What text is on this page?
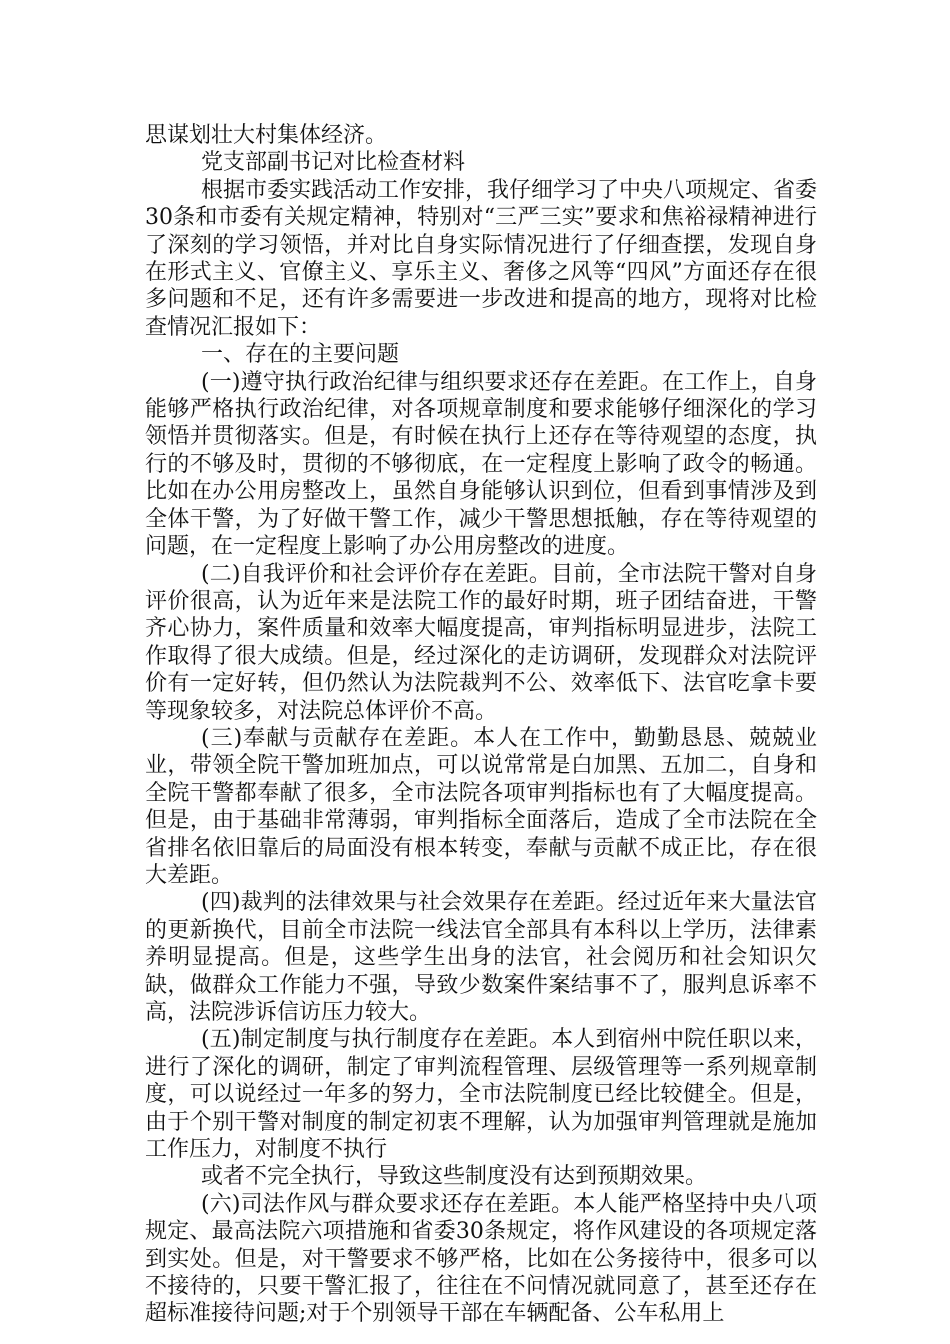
思谋划壮大村集体经济。

党支部副书记对比检查材料

根据市委实践活动工作安排，我仔细学习了中央八项规定、省委30条和市委有关规定精神，特别对“三严三实”要求和焦裕禄精神进行了深刻的学习领悟，并对比自身实际情况进行了仔细查摆，发现自身在形式主义、官僚主义、享乐主义、奢侈之风等“四风”方面还存在很多问题和不足，还有许多需要进一步改进和提高的地方，现将对比检查情况汇报如下：

一、存在的主要问题

(一)遵守执行政治纪律与组织要求还存在差距。在工作上，自身能够严格执行政治纪律，对各项规章制度和要求能够仔细深化的学习领悟并贯彻落实。但是，有时候在执行上还存在等待观望的态度，执行的不够及时，贯彻的不够彻底，在一定程度上影响了政令的畅通。比如在办公用房整改上，虽然自身能够认识到位，但看到事情涉及到全体干警，为了好做干警工作，减少干警思想抵触，存在等待观望的问题，在一定程度上影响了办公用房整改的进度。

(二)自我评价和社会评价存在差距。目前，全市法院干警对自身评价很高，认为近年来是法院工作的最好时期，班子团结奋进，干警齐心协力，案件质量和效率大幅度提高，审判指标明显进步，法院工作取得了很大成绩。但是，经过深化的走访调研，发现群众对法院评价有一定好转，但仍然认为法院裁判不公、效率低下、法官吃拿卡要等现象较多，对法院总体评价不高。

(三)奉献与贡献存在差距。本人在工作中，勤勤恳恳、兢兢业业，带领全院干警加班加点，可以说常常是白加黑、五加二，自身和全院干警都奉献了很多，全市法院各项审判指标也有了大幅度提高。但是，由于基础非常薄弱，审判指标全面落后，造成了全市法院在全省排名依旧靠后的局面没有根本转变，奉献与贡献不成正比，存在很大差距。

(四)裁判的法律效果与社会效果存在差距。经过近年来大量法官的更新换代，目前全市法院一线法官全部具有本科以上学历，法律素养明显提高。但是，这些学生出身的法官，社会阅历和社会知识欠缺，做群众工作能力不强，导致少数案件案结事不了，服判息诉率不高，法院涉诉信访压力较大。

(五)制定制度与执行制度存在差距。本人到宿州中院任职以来，进行了深化的调研，制定了审判流程管理、层级管理等一系列规章制度，可以说经过一年多的努力，全市法院制度已经比较健全。但是，由于个别干警对制度的制定初衷不理解，认为加强审判管理就是施加工作压力，对制度不执行

或者不完全执行，导致这些制度没有达到预期效果。

(六)司法作风与群众要求还存在差距。本人能严格坚持中央八项规定、最高法院六项措施和省委30条规定，将作风建设的各项规定落到实处。但是，对干警要求不够严格，比如在公务接待中，很多可以不接待的，只要干警汇报了，往往在不问情况就同意了，甚至还存在超标准接待问题;对于个别领导干部在车辆配备、公车私用上
